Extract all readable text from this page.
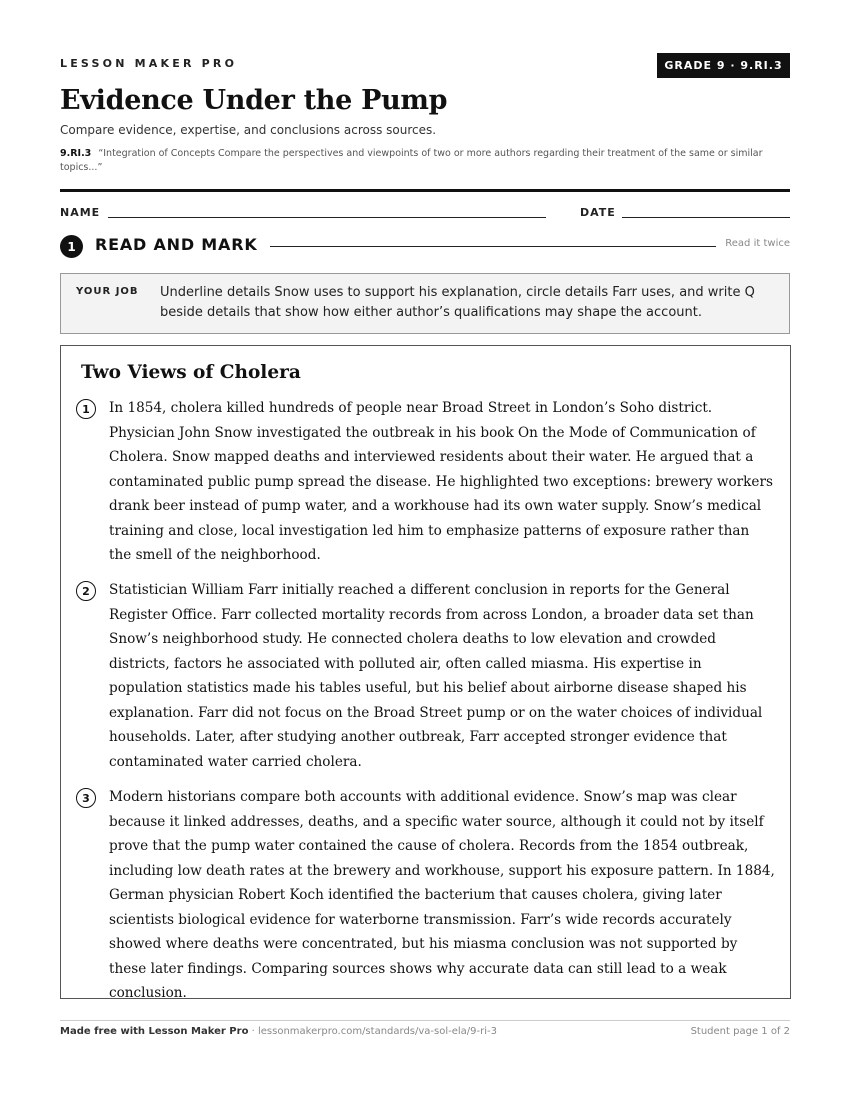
LESSON MAKER PRO	GRADE 9 · 9.RI.3
Evidence Under the Pump
Compare evidence, expertise, and conclusions across sources.
9.RI.3 “Integration of Concepts Compare the perspectives and viewpoints of two or more authors regarding their treatment of the same or similar topics...”
NAME	DATE
1	READ AND MARK	Read it twice
YOUR JOB Underline details Snow uses to support his explanation, circle details Farr uses, and write Q beside details that show how either author’s qualifications may shape the account.
Two Views of Cholera
1	In 1854, cholera killed hundreds of people near Broad Street in London’s Soho district. Physician John Snow investigated the outbreak in his book On the Mode of Communication of Cholera. Snow mapped deaths and interviewed residents about their water. He argued that a contaminated public pump spread the disease. He highlighted two exceptions: brewery workers drank beer instead of pump water, and a workhouse had its own water supply. Snow’s medical training and close, local investigation led him to emphasize patterns of exposure rather than the smell of the neighborhood.
2	Statistician William Farr initially reached a different conclusion in reports for the General Register Office. Farr collected mortality records from across London, a broader data set than Snow’s neighborhood study. He connected cholera deaths to low elevation and crowded districts, factors he associated with polluted air, often called miasma. His expertise in population statistics made his tables useful, but his belief about airborne disease shaped his explanation. Farr did not focus on the Broad Street pump or on the water choices of individual households. Later, after studying another outbreak, Farr accepted stronger evidence that contaminated water carried cholera.
3	Modern historians compare both accounts with additional evidence. Snow’s map was clear because it linked addresses, deaths, and a specific water source, although it could not by itself prove that the pump water contained the cause of cholera. Records from the 1854 outbreak, including low death rates at the brewery and workhouse, support his exposure pattern. In 1884, German physician Robert Koch identified the bacterium that causes cholera, giving later scientists biological evidence for waterborne transmission. Farr’s wide records accurately showed where deaths were concentrated, but his miasma conclusion was not supported by these later findings. Comparing sources shows why accurate data can still lead to a weak conclusion.
Made free with Lesson Maker Pro · lessonmakerpro.com/standards/va-sol-ela/9-ri-3	Student page 1 of 2
